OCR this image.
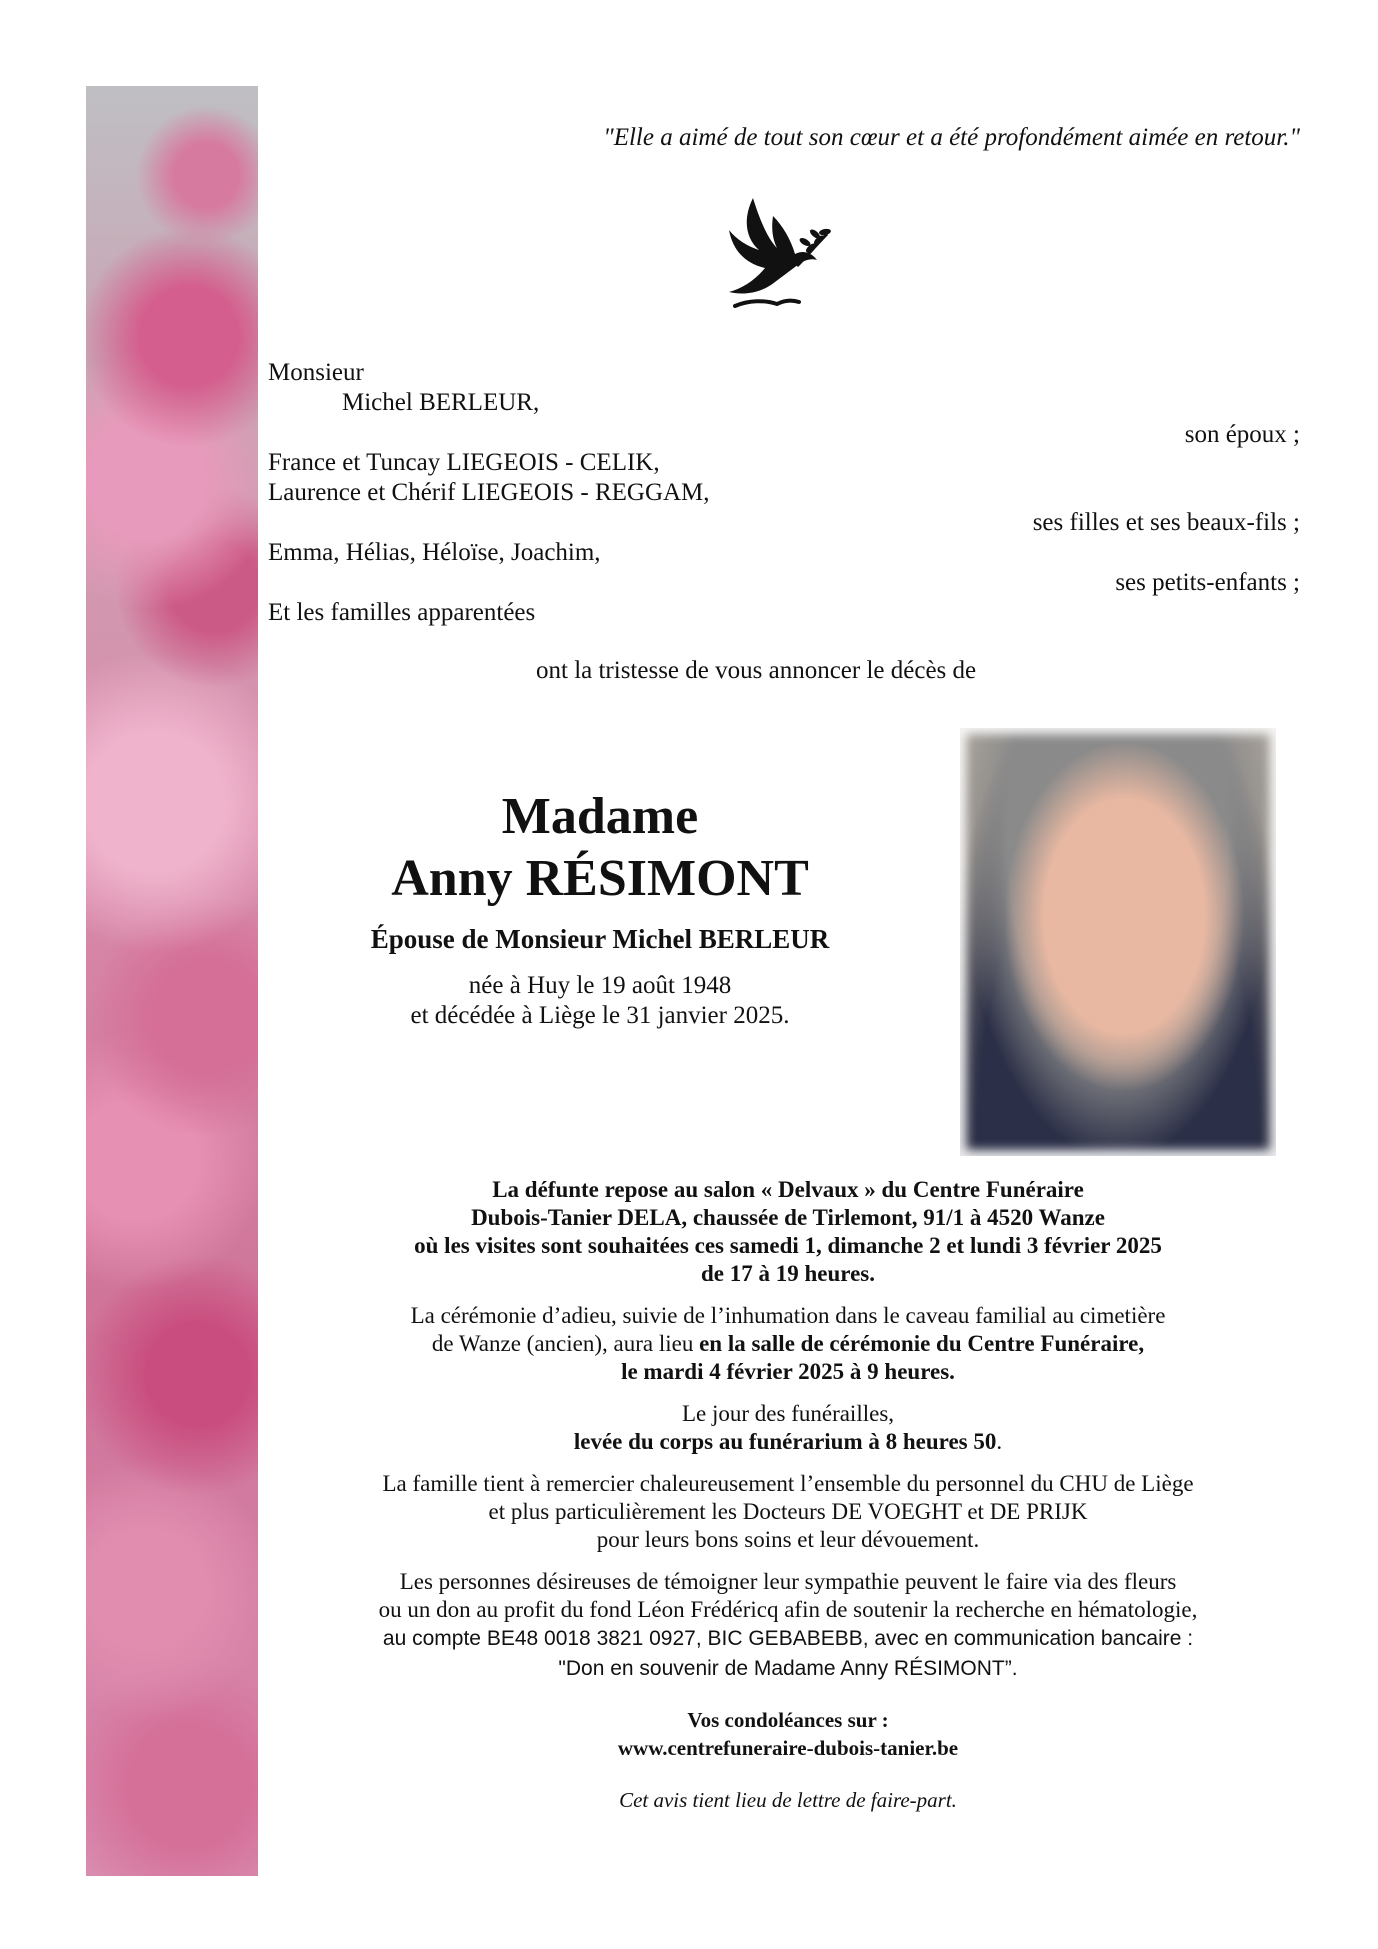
"Elle a aimé de tout son cœur et a été profondément aimée en retour."
Monsieur
Michel BERLEUR,
son époux ;
France et Tuncay LIEGEOIS - CELIK,
Laurence et Chérif LIEGEOIS - REGGAM,
ses filles et ses beaux-fils ;
Emma, Hélias, Héloïse, Joachim,
ses petits-enfants ;
Et les familles apparentées
ont la tristesse de vous annoncer le décès de
Madame
Anny RÉSIMONT
Épouse de Monsieur Michel BERLEUR
née à Huy le 19 août 1948
et décédée à Liège le 31 janvier 2025.
La défunte repose au salon « Delvaux » du Centre Funéraire
Dubois-Tanier DELA, chaussée de Tirlemont, 91/1 à 4520 Wanze
où les visites sont souhaitées ces samedi 1, dimanche 2 et lundi 3 février 2025
de 17 à 19 heures.
La cérémonie d’adieu, suivie de l’inhumation dans le caveau familial au cimetière
de Wanze (ancien), aura lieu en la salle de cérémonie du Centre Funéraire,
le mardi 4 février 2025 à 9 heures.
Le jour des funérailles,
levée du corps au funérarium à 8 heures 50.
La famille tient à remercier chaleureusement l’ensemble du personnel du CHU de Liège
et plus particulièrement les Docteurs DE VOEGHT et DE PRIJK
pour leurs bons soins et leur dévouement.
Les personnes désireuses de témoigner leur sympathie peuvent le faire via des fleurs
ou un don au profit du fond Léon Frédéricq afin de soutenir la recherche en hématologie,
au compte BE48 0018 3821 0927, BIC GEBABEBB, avec en communication bancaire :
"Don en souvenir de Madame Anny RÉSIMONT”.
Vos condoléances sur :
www.centrefuneraire-dubois-tanier.be
Cet avis tient lieu de lettre de faire-part.
